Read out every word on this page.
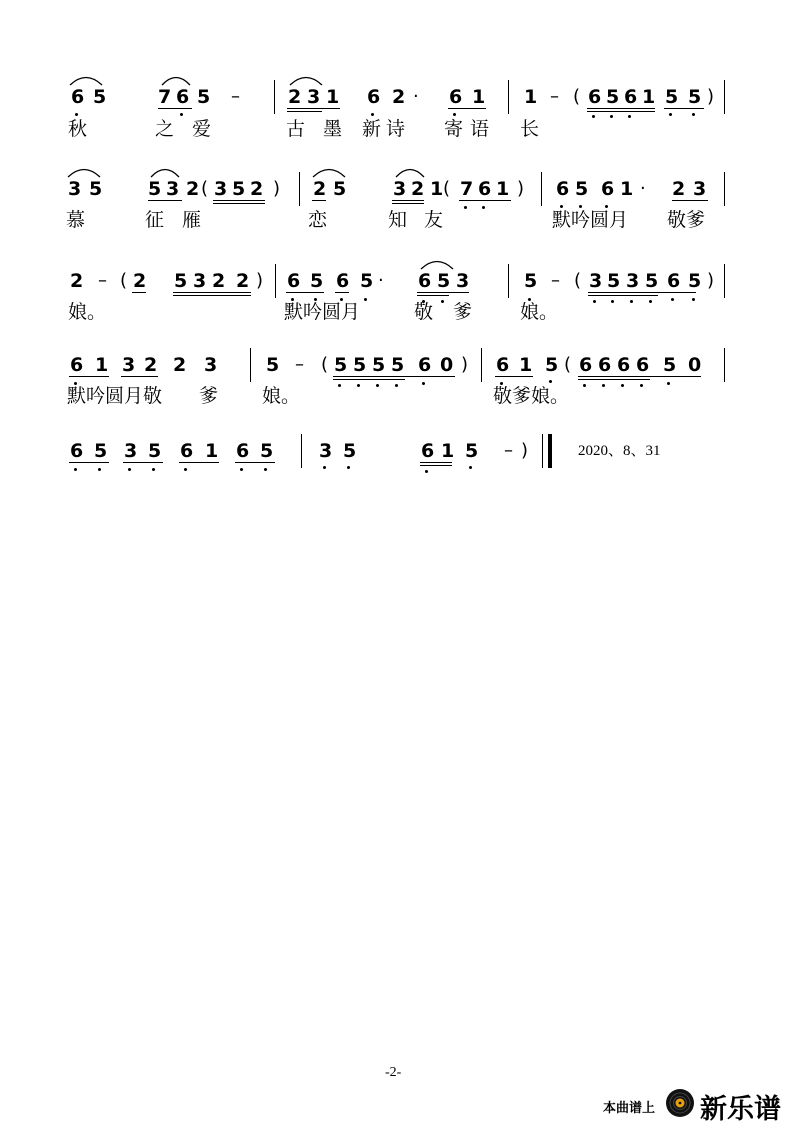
6 5	7 6 5 –	2 3 1 6 2 · 6 1 1 – ( 6 5 6 1 5 5 )
秋	之 爱	古 墨 新 诗 寄 语 长
3 5 5 3 2 ( 3 5 2 ) 2 5 3 2 1 ( 7 6 1 ) 6 5 6 1 · 2 3
慕	征 雁	恋	知 友	默吟圆月 敬爹
2 – ( 2 5 3 2 2 ) 6 5 6 5 · 6 5 3	5 – ( 3 5 3 5 6 5 )
娘。	默吟圆月	敬 爹	娘。
6 1 3 2 2 3	5 – ( 5 5 5 5 6 0 ) 6 1 5 ( 6 6 6 6 5 0
默吟圆月敬 爹 娘。	敬爹娘。
6 5 3 5 6 1 6 5 3 5	6 1 5 – )	2020、8、31
-2-
本曲谱上 新乐谱
